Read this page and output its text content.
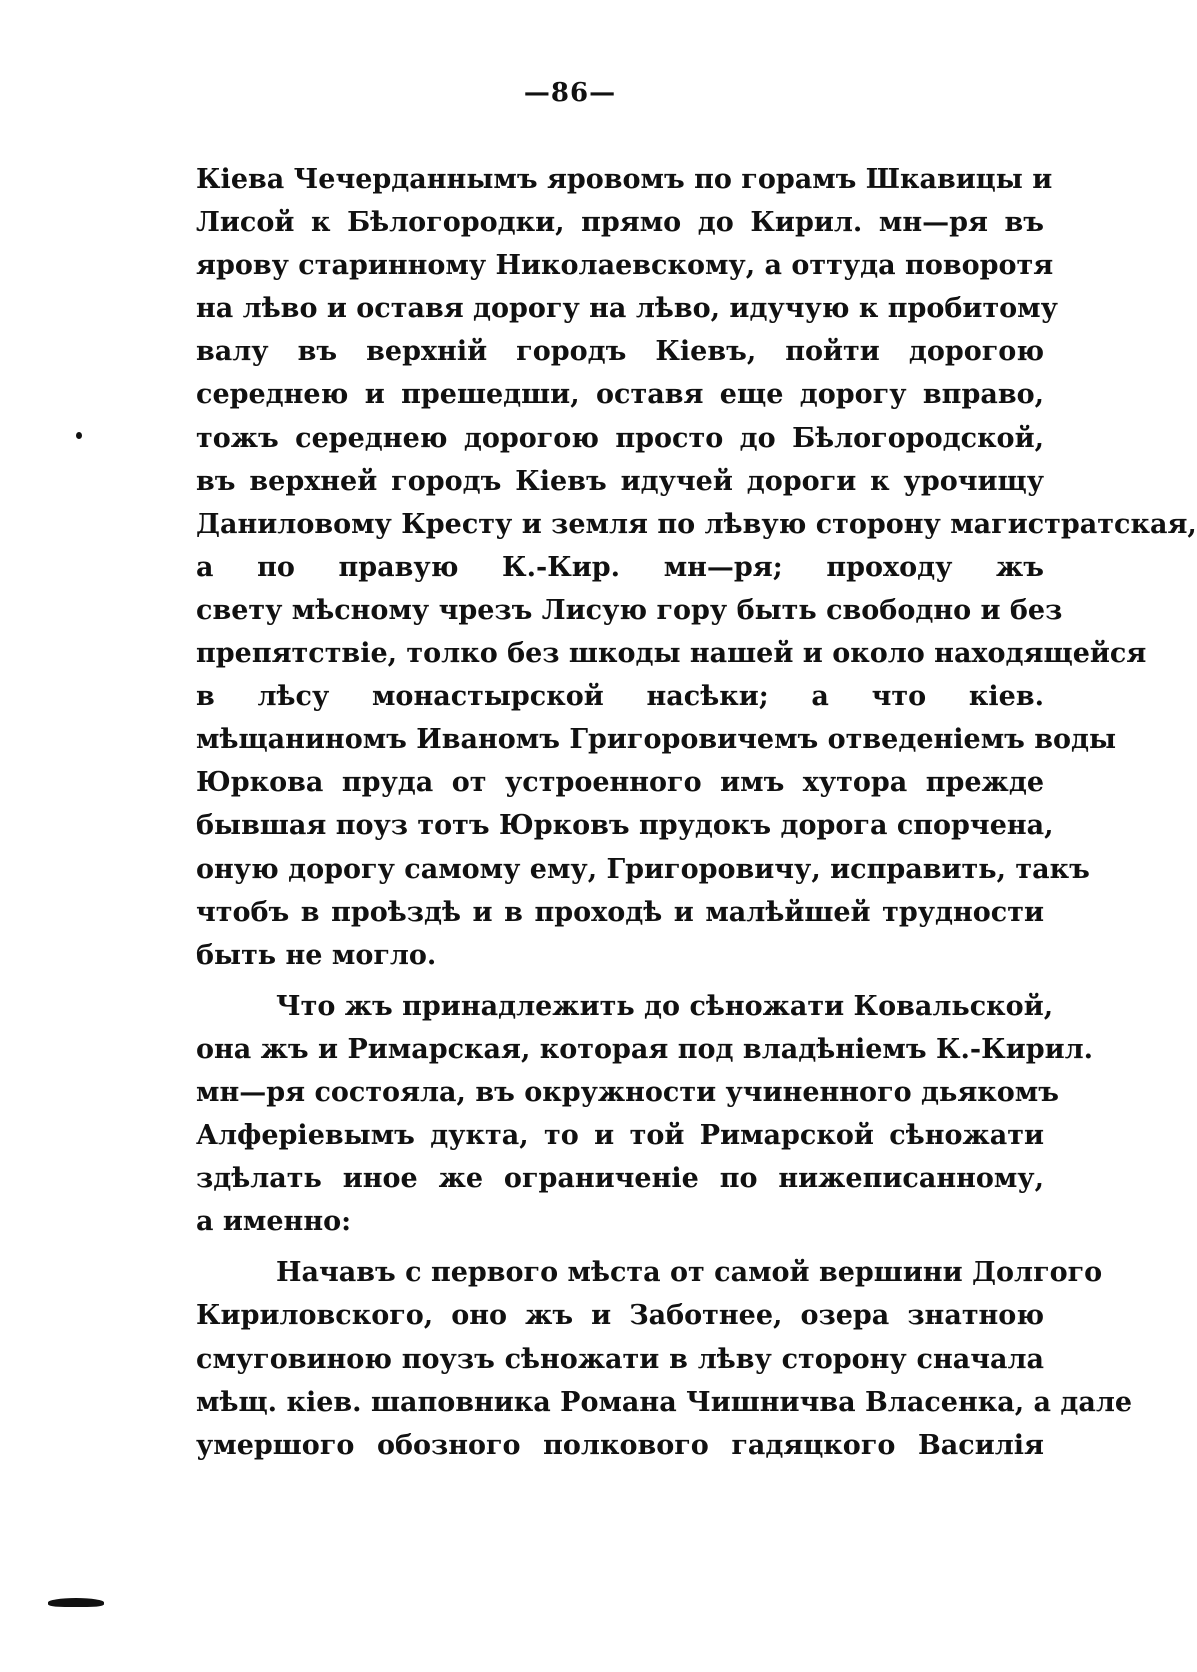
—86—
Кіева Чечерданнымъ яровомъ по горамъ Шкавицы и
Лисой к Бѣлогородки, прямо до Кирил. мн—ря въ
ярову старинному Николаевскому, а оттуда поворотя
на лѣво и оставя дорогу на лѣво, идучую к пробитому
валу въ верхній городъ Кіевъ, пойти дорогою
середнею и прешедши, оставя еще дорогу вправо,
тожъ середнею дорогою просто до Бѣлогородской,
въ верхней городъ Кіевъ идучей дороги к урочищу
Даниловому Кресту и земля по лѣвую сторону магистратская,
а по правую К.-Кир. мн—ря; проходу жъ
свету мѣсному чрезъ Лисую гору быть свободно и без
препятствіе, толко без шкоды нашей и около находящейся
в лѣсу монастырской насѣки; а что кiев.
мѣщаниномъ Иваномъ Григоровичемъ отведеніемъ воды
Юркова пруда от устроенного имъ хутора прежде
бывшая поуз тотъ Юрковъ прудокъ дорога спорчена,
оную дорогу самому ему, Григоровичу, исправить, такъ
чтобъ в проѣздѣ и в проходѣ и малѣйшей трудности
быть не могло.
Что жъ принадлежить до сѣножати Ковальской,
она жъ и Римарская, которая под владѣніемъ К.-Кирил.
мн—ря состояла, въ окружности учиненного дьякомъ
Алферіевымъ дукта, то и той Римарской сѣножати
здѣлать иное же ограниченіе по нижеписанному,
а именно:
Начавъ с первого мѣста от самой вершини Долгого
Кириловского, оно жъ и Заботнее, озера знатною
смуговиною поузъ сѣножати в лѣву сторону сначала
мѣщ. кiев. шаповника Романа Чишничва Власенка, а дале
умершого обозного полкового гадяцкого Василія
